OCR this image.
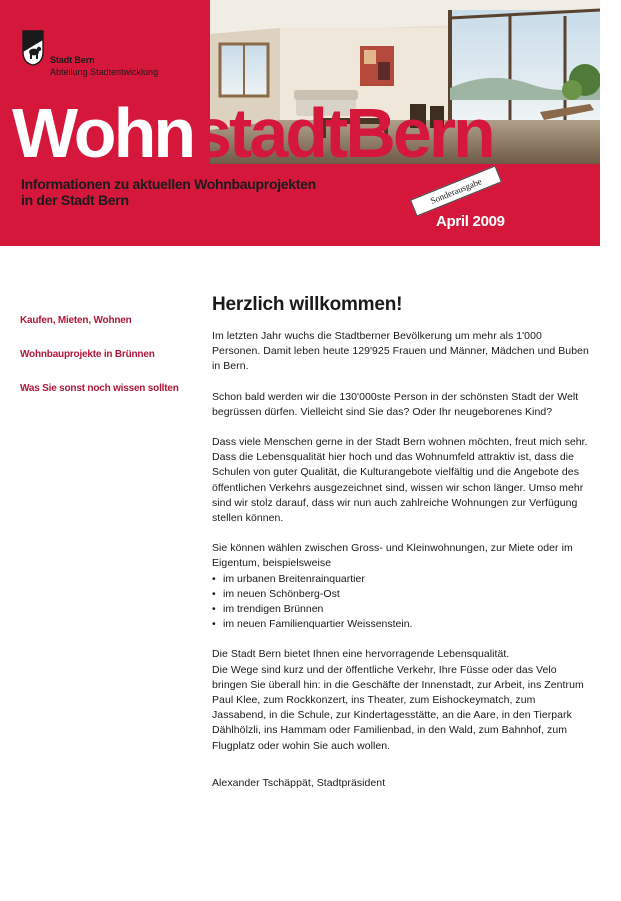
Stadt Bern
Abteilung Stadtentwicklung
WohnstadtBern
Informationen zu aktuellen Wohnbauprojekten
in der Stadt Bern	Sonderausgabe
April 2009
Kaufen, Mieten, Wohnen
Wohnbauprojekte in Brünnen
Was Sie sonst noch wissen sollten
Herzlich willkommen!

Im letzten Jahr wuchs die Stadtberner Bevölkerung um mehr als 1'000 Personen. Damit leben heute 129'925 Frauen und Männer, Mädchen und Buben in Bern.

Schon bald werden wir die 130'000ste Person in der schönsten Stadt der Welt begrüssen dürfen. Vielleicht sind Sie das? Oder Ihr neugeborenes Kind?

Dass viele Menschen gerne in der Stadt Bern wohnen möchten, freut mich sehr. Dass die Lebensqualität hier hoch und das Wohnumfeld attraktiv ist, dass die Schulen von guter Qualität, die Kulturangebote vielfältig und die Angebote des öffentlichen Verkehrs ausgezeichnet sind, wissen wir schon länger. Umso mehr sind wir stolz darauf, dass wir nun auch zahlreiche Wohnungen zur Verfügung stellen können.

Sie können wählen zwischen Gross- und Kleinwohnungen, zur Miete oder im Eigentum, beispielsweise

• im urbanen Breitenrainquartier
• im neuen Schönberg-Ost
• im trendigen Brünnen
• im neuen Familienquartier Weissenstein.

Die Stadt Bern bietet Ihnen eine hervorragende Lebensqualität.

Die Wege sind kurz und der öffentliche Verkehr, Ihre Füsse oder das Velo bringen Sie überall hin: in die Geschäfte der Innenstadt, zur Arbeit, ins Zentrum Paul Klee, zum Rockkonzert, ins Theater, zum Eishockeymatch, zum Jassabend, in die Schule, zur Kindertagesstätte, an die Aare, in den Tierpark Dählhölzli, ins Hammam oder Familienbad, in den Wald, zum Bahnhof, zum Flugplatz oder wohin Sie auch wollen.

Alexander Tschäppät, Stadtpräsident
